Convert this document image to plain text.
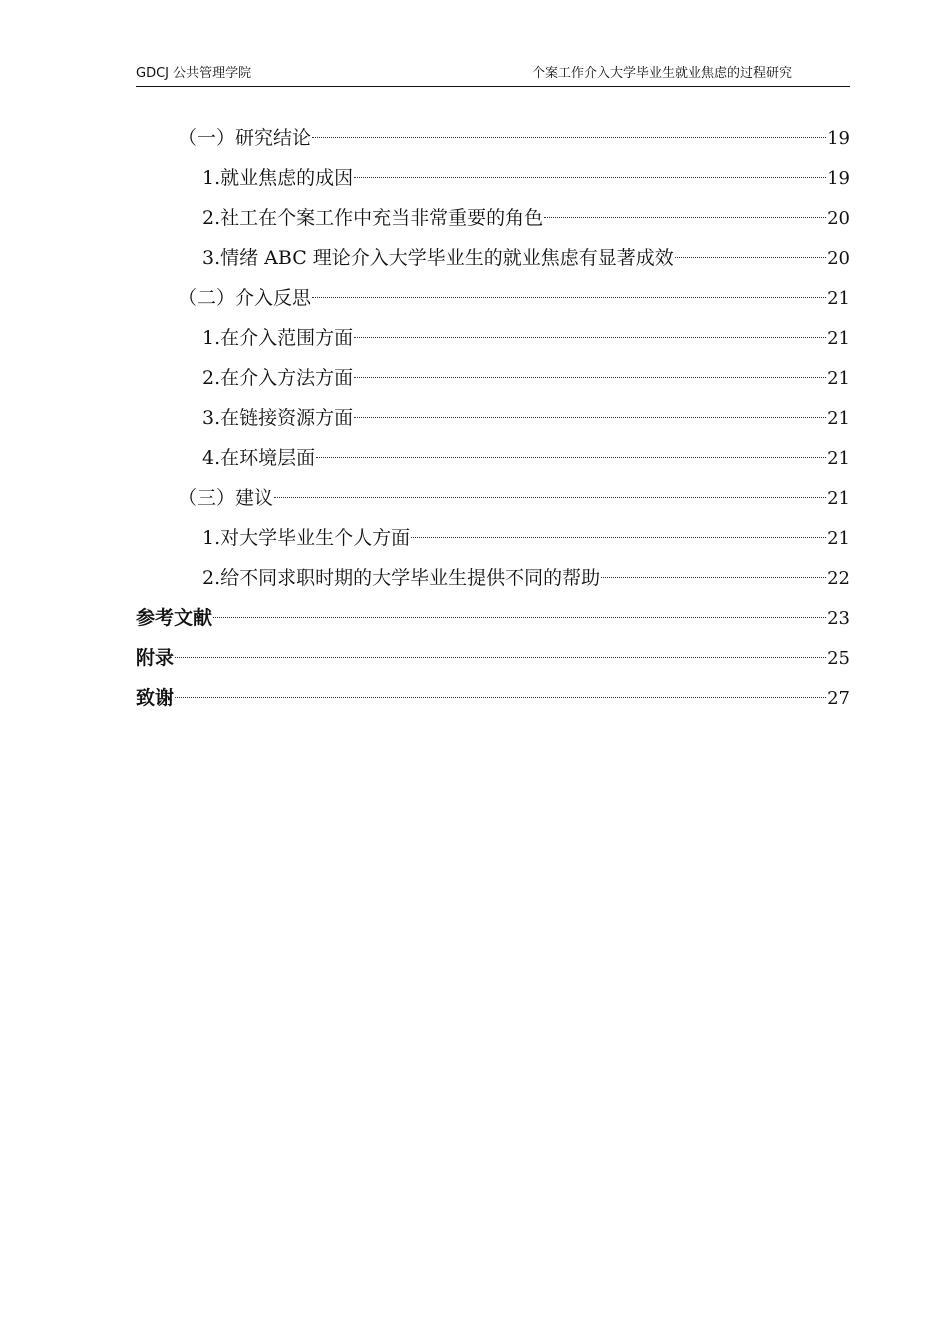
GDCJ 公共管理学院	个案工作介入大学毕业生就业焦虑的过程研究
（一）研究结论	19
1.就业焦虑的成因	19
2.社工在个案工作中充当非常重要的角色	20
3.情绪 ABC 理论介入大学毕业生的就业焦虑有显著成效	20
（二）介入反思	21
1.在介入范围方面	21
2.在介入方法方面	21
3.在链接资源方面	21
4.在环境层面	21
（三）建议	21
1.对大学毕业生个人方面	21
2.给不同求职时期的大学毕业生提供不同的帮助	22
参考文献	23
附录	25
致谢	27
